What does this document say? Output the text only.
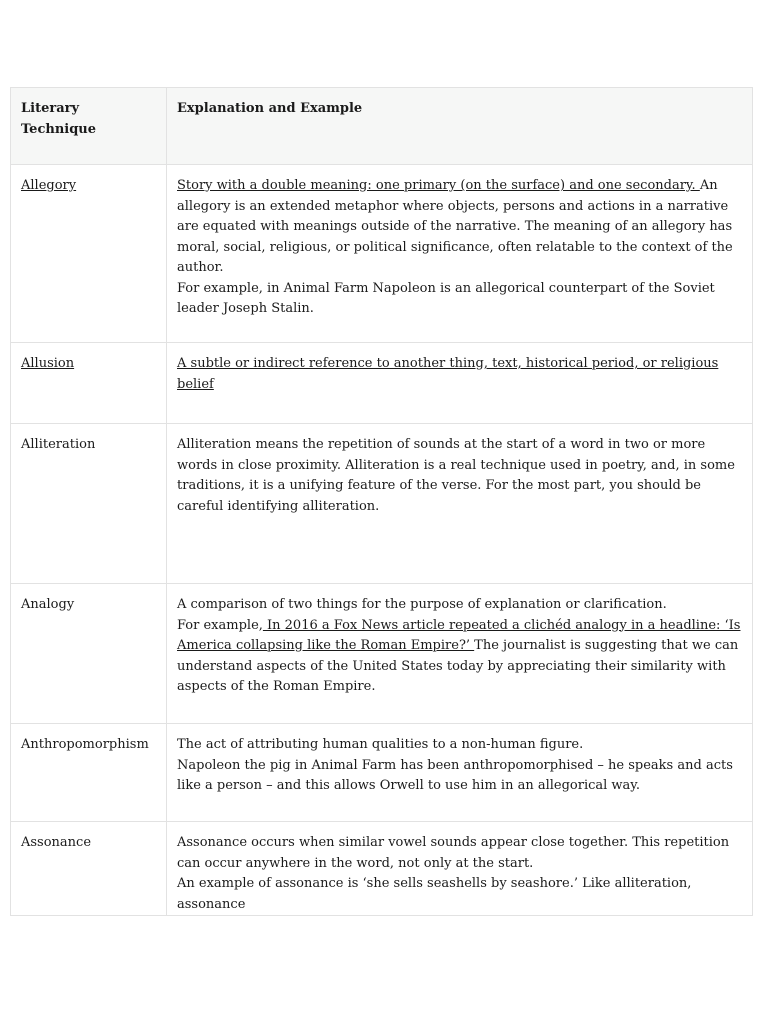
Literary Technique	Explanation and Example
Allegory	Story with a double meaning: one primary (on the surface) and one secondary. An allegory is an extended metaphor where objects, persons and actions in a narrative are equated with meanings outside of the narrative. The meaning of an allegory has moral, social, religious, or political significance, often relatable to the context of the author.
For example, in Animal Farm Napoleon is an allegorical counterpart of the Soviet leader Joseph Stalin.

Allusion	A subtle or indirect reference to another thing, text, historical period, or religious belief

Alliteration	Alliteration means the repetition of sounds at the start of a word in two or more words in close proximity. Alliteration is a real technique used in poetry, and, in some traditions, it is a unifying feature of the verse. For the most part, you should be careful identifying alliteration.

Analogy	A comparison of two things for the purpose of explanation or clarification.
For example, In 2016 a Fox News article repeated a clichéd analogy in a headline: ‘Is America collapsing like the Roman Empire?’ The journalist is suggesting that we can understand aspects of the United States today by appreciating their similarity with aspects of the Roman Empire.

Anthropomorphism	The act of attributing human qualities to a non-human figure.
Napoleon the pig in Animal Farm has been anthropomorphised – he speaks and acts like a person – and this allows Orwell to use him in an allegorical way.

Assonance	Assonance occurs when similar vowel sounds appear close together. This repetition can occur anywhere in the word, not only at the start.
An example of assonance is ‘she sells seashells by seashore.’ Like alliteration, assonance
